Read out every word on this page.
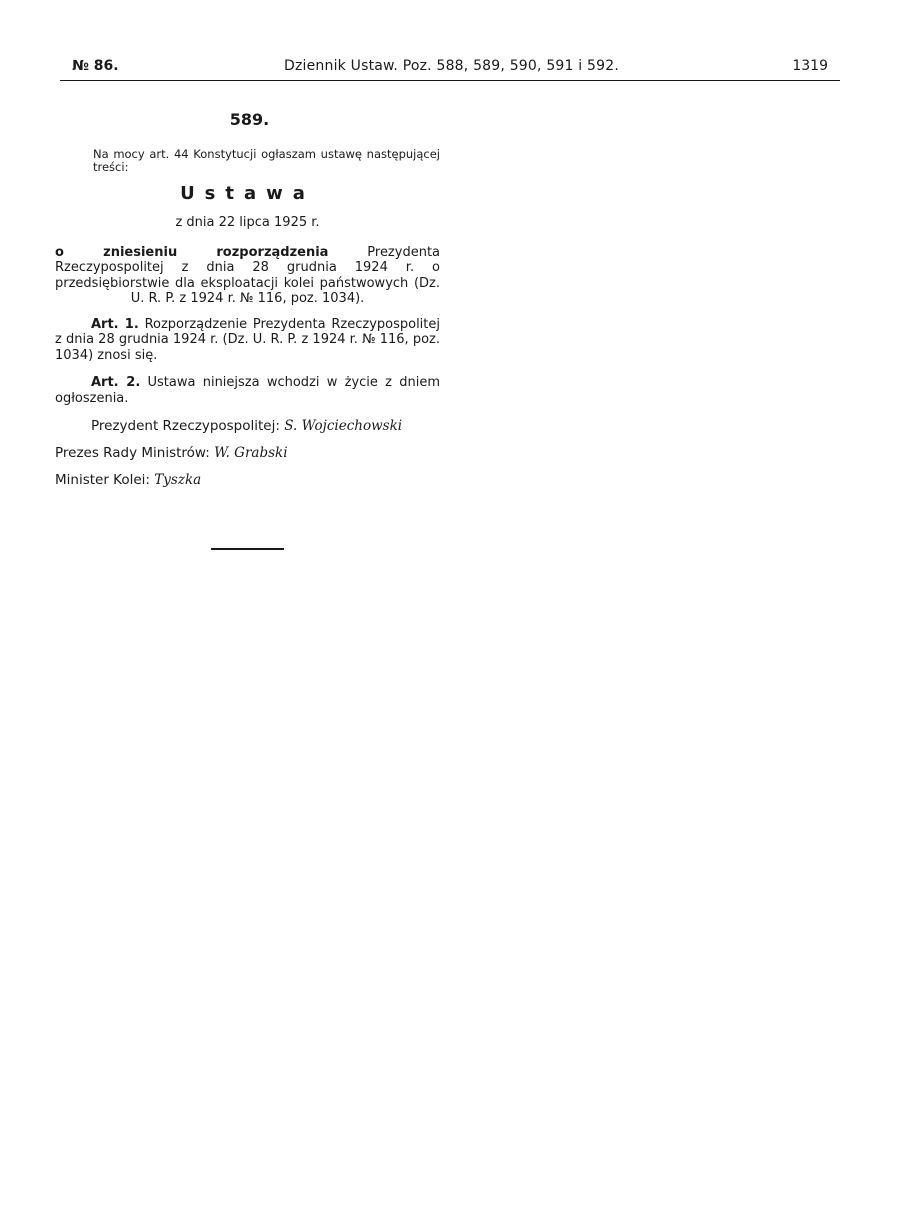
№ 86.	Dziennik Ustaw. Poz. 588, 589, 590, 591 i 592.	1319
589.
Na mocy art. 44 Konstytucji ogłaszam ustawę następującej treści:
Ustawa
z dnia 22 lipca 1925 r.
o zniesieniu rozporządzenia Prezydenta Rzeczypospolitej z dnia 28 grudnia 1924 r. o przedsiębiorstwie dla eksploatacji kolei państwowych (Dz. U. R. P. z 1924 r. № 116, poz. 1034).
Art. 1. Rozporządzenie Prezydenta Rzeczypospolitej z dnia 28 grudnia 1924 r. (Dz. U. R. P. z 1924 r. № 116, poz. 1034) znosi się.
Art. 2. Ustawa niniejsza wchodzi w życie z dniem ogłoszenia.
Prezydent Rzeczypospolitej: S. Wojciechowski
Prezes Rady Ministrów: W. Grabski
Minister Kolei: Tyszka
